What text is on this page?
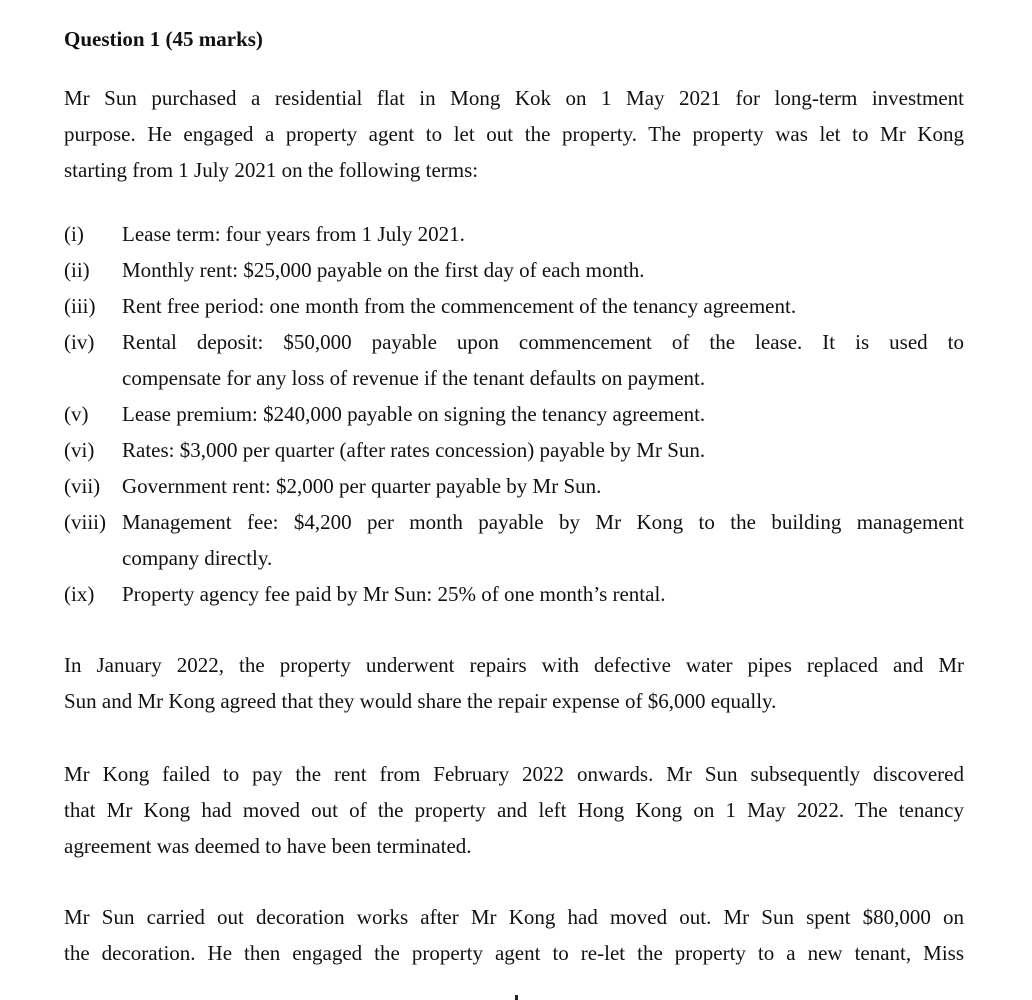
Question 1 (45 marks)

Mr Sun purchased a residential flat in Mong Kok on 1 May 2021 for long-term investment
purpose. He engaged a property agent to let out the property. The property was let to Mr Kong
starting from 1 July 2021 on the following terms:

(i)	Lease term: four years from 1 July 2021.
(ii)	Monthly rent: $25,000 payable on the first day of each month.
(iii)	Rent free period: one month from the commencement of the tenancy agreement.
(iv)	Rental deposit: $50,000 payable upon commencement of the lease. It is used to
compensate for any loss of revenue if the tenant defaults on payment.
(v)	Lease premium: $240,000 payable on signing the tenancy agreement.
(vi)	Rates: $3,000 per quarter (after rates concession) payable by Mr Sun.
(vii)	Government rent: $2,000 per quarter payable by Mr Sun.
(viii) Management fee: $4,200 per month payable by Mr Kong to the building management
company directly.
(ix)	Property agency fee paid by Mr Sun: 25% of one month’s rental.

In January 2022, the property underwent repairs with defective water pipes replaced and Mr
Sun and Mr Kong agreed that they would share the repair expense of $6,000 equally.

Mr Kong failed to pay the rent from February 2022 onwards. Mr Sun subsequently discovered
that Mr Kong had moved out of the property and left Hong Kong on 1 May 2022. The tenancy
agreement was deemed to have been terminated.

Mr Sun carried out decoration works after Mr Kong had moved out. Mr Sun spent $80,000 on
the decoration. He then engaged the property agent to re-let the property to a new tenant, Miss
